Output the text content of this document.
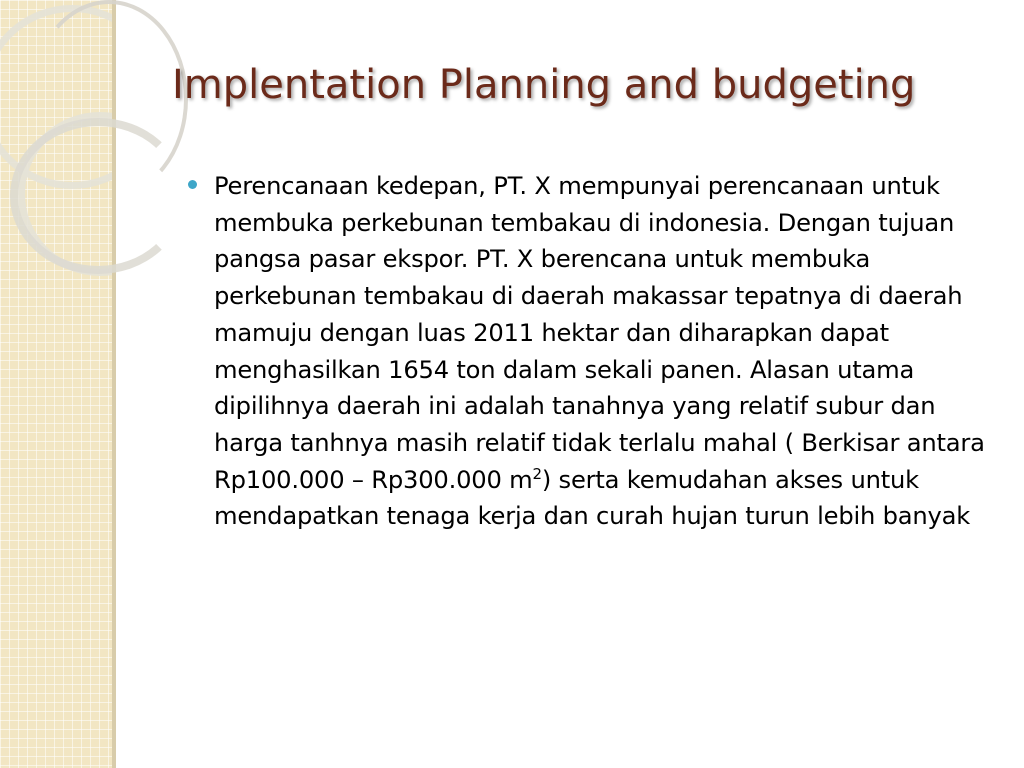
Implentation Planning and budgeting
Perencanaan kedepan, PT. X mempunyai perencanaan untuk membuka perkebunan tembakau di indonesia. Dengan tujuan pangsa pasar ekspor. PT. X berencana untuk membuka perkebunan tembakau di daerah makassar tepatnya di daerah mamuju dengan luas 2011 hektar dan diharapkan dapat menghasilkan 1654 ton dalam sekali panen. Alasan utama dipilihnya daerah ini adalah tanahnya yang relatif subur dan harga tanhnya masih relatif tidak terlalu mahal ( Berkisar antara Rp100.000 – Rp300.000 $m^2$) serta kemudahan akses untuk mendapatkan tenaga kerja dan curah hujan turun lebih banyak
